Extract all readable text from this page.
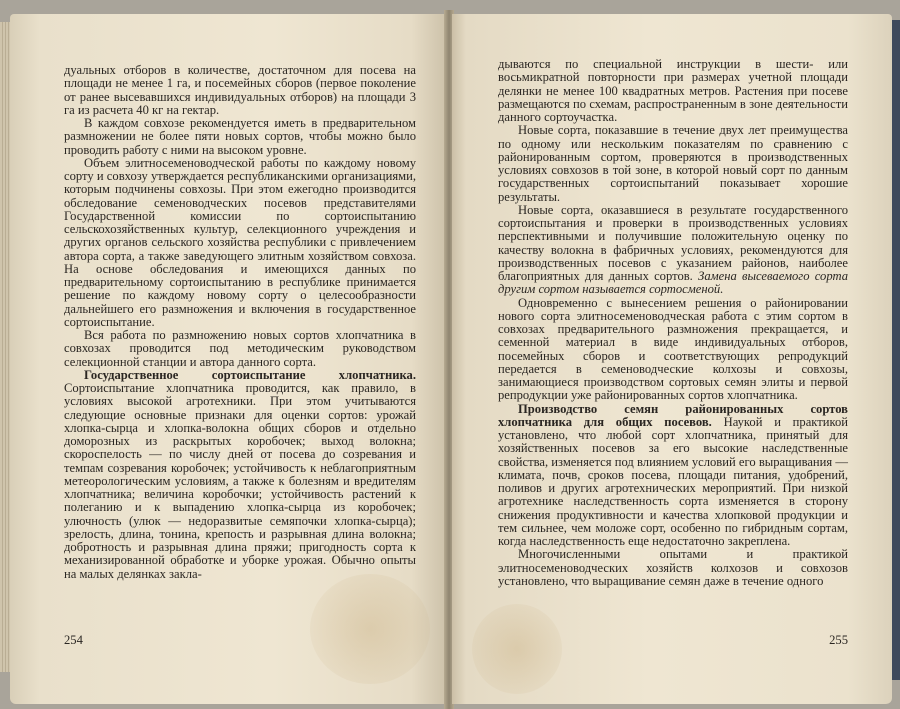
дуальных отборов в количестве, достаточном для посева на площади не менее 1 га, и посемейных сборов (первое поколение от ранее высевавшихся индивидуальных отборов) на площади 3 га из расчета 40 кг на гектар.

В каждом совхозе рекомендуется иметь в предварительном размножении не более пяти новых сортов, чтобы можно было проводить работу с ними на высоком уровне.

Объем элитносеменоводческой работы по каждому новому сорту и совхозу утверждается республиканскими организациями, которым подчинены совхозы. При этом ежегодно производится обследование семеноводческих посевов представителями Государственной комиссии по сортоиспытанию сельскохозяйственных культур, селекционного учреждения и других органов сельского хозяйства республики с привлечением автора сорта, а также заведующего элитным хозяйством совхоза. На основе обследования и имеющихся данных по предварительному сортоиспытанию в республике принимается решение по каждому новому сорту о целесообразности дальнейшего его размножения и включения в государственное сортоиспытание.

Вся работа по размножению новых сортов хлопчатника в совхозах проводится под методическим руководством селекционной станции и автора данного сорта.

Государственное сортоиспытание хлопчатника. Сортоиспытание хлопчатника проводится, как правило, в условиях высокой агротехники. При этом учитываются следующие основные признаки для оценки сортов: урожай хлопка-сырца и хлопка-волокна общих сборов и отдельно доморозных из раскрытых коробочек; выход волокна; скороспелость — по числу дней от посева до созревания и темпам созревания коробочек; устойчивость к неблагоприятным метеорологическим условиям, а также к болезням и вредителям хлопчатника; величина коробочки; устойчивость растений к полеганию и к выпадению хлопка-сырца из коробочек; улючность (улюк — недоразвитые семяпочки хлопка-сырца); зрелость, длина, тонина, крепость и разрывная длина волокна; добротность и разрывная длина пряжи; пригодность сорта к механизированной обработке и уборке урожая. Обычно опыты на малых делянках закла-

254

дываются по специальной инструкции в шести- или восьмикратной повторности при размерах учетной площади делянки не менее 100 квадратных метров. Растения при посеве размещаются по схемам, распространенным в зоне деятельности данного сортоучастка.

Новые сорта, показавшие в течение двух лет преимущества по одному или нескольким показателям по сравнению с районированным сортом, проверяются в производственных условиях совхозов в той зоне, в которой новый сорт по данным государственных сортоиспытаний показывает хорошие результаты.

Новые сорта, оказавшиеся в результате государственного сортоиспытания и проверки в производственных условиях перспективными и получившие положительную оценку по качеству волокна в фабричных условиях, рекомендуются для производственных посевов с указанием районов, наиболее благоприятных для данных сортов. Замена высеваемого сорта другим сортом называется сортосменой.

Одновременно с вынесением решения о районировании нового сорта элитносеменоводческая работа с этим сортом в совхозах предварительного размножения прекращается, и семенной материал в виде индивидуальных отборов, посемейных сборов и соответствующих репродукций передается в семеноводческие колхозы и совхозы, занимающиеся производством сортовых семян элиты и первой репродукции уже районированных сортов хлопчатника.

Производство семян районированных сортов хлопчатника для общих посевов. Наукой и практикой установлено, что любой сорт хлопчатника, принятый для хозяйственных посевов за его высокие наследственные свойства, изменяется под влиянием условий его выращивания — климата, почв, сроков посева, площади питания, удобрений, поливов и других агротехнических мероприятий. При низкой агротехнике наследственность сорта изменяется в сторону снижения продуктивности и качества хлопковой продукции и тем сильнее, чем моложе сорт, особенно по гибридным сортам, когда наследственность еще недостаточно закреплена.

Многочисленными опытами и практикой элитносеменоводческих хозяйств колхозов и совхозов установлено, что выращивание семян даже в течение одного

255
